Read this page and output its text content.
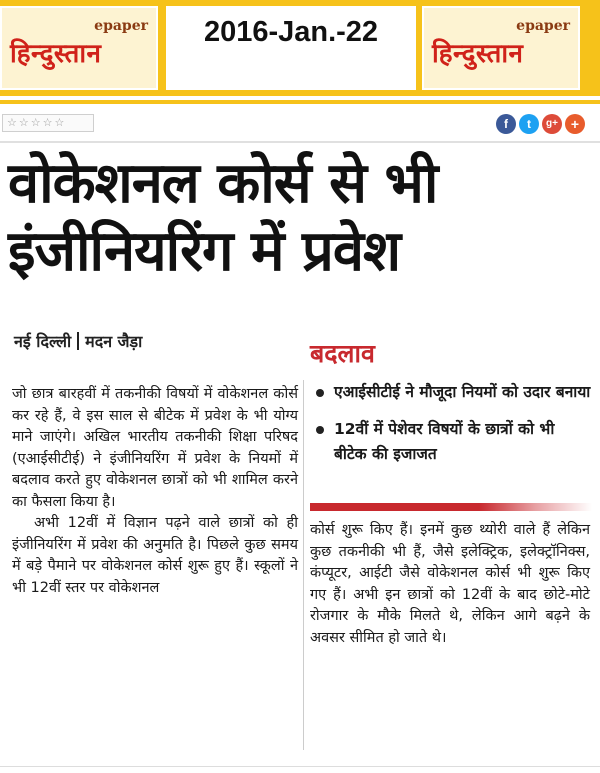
epaper
हिन्दुस्तान
2016-Jan.-22	epaper
हिन्दुस्तान
☆☆☆☆☆	f	t	g+ +
वोकेशनल कोर्स से भी
इंजीनियरिंग में प्रवेश
नई दिल्ली मदन जैड़ा

जो छात्र बारहवीं में तकनीकी विषयों में वोकेशनल कोर्स कर रहे हैं, वे इस साल से बीटेक में प्रवेश के भी योग्य माने जाएंगे। अखिल भारतीय तकनीकी शिक्षा परिषद (एआईसीटीई) ने इंजीनियरिंग में प्रवेश के नियमों में बदलाव करते हुए वोकेशनल छात्रों को भी शामिल करने का फैसला किया है।

अभी 12वीं में विज्ञान पढ़ने वाले छात्रों को ही इंजीनियरिंग में प्रवेश की अनुमति है। पिछले कुछ समय में बड़े पैमाने पर वोकेशनल कोर्स शुरू हुए हैं। स्कूलों ने भी 12वीं स्तर पर वोकेशनल

बदलाव
एआईसीटीई ने मौजूदा नियमों को उदार बनाया
12वीं में पेशेवर विषयों के छात्रों को भी बीटेक की इजाजत

कोर्स शुरू किए हैं। इनमें कुछ थ्योरी वाले हैं लेकिन कुछ तकनीकी भी हैं, जैसे इलेक्ट्रिक, इलेक्ट्रॉनिक्स, कंप्यूटर, आईटी जैसे वोकेशनल कोर्स भी शुरू किए गए हैं। अभी इन छात्रों को 12वीं के बाद छोटे-मोटे रोजगार के मौके मिलते थे, लेकिन आगे बढ़ने के अवसर सीमित हो जाते थे।
